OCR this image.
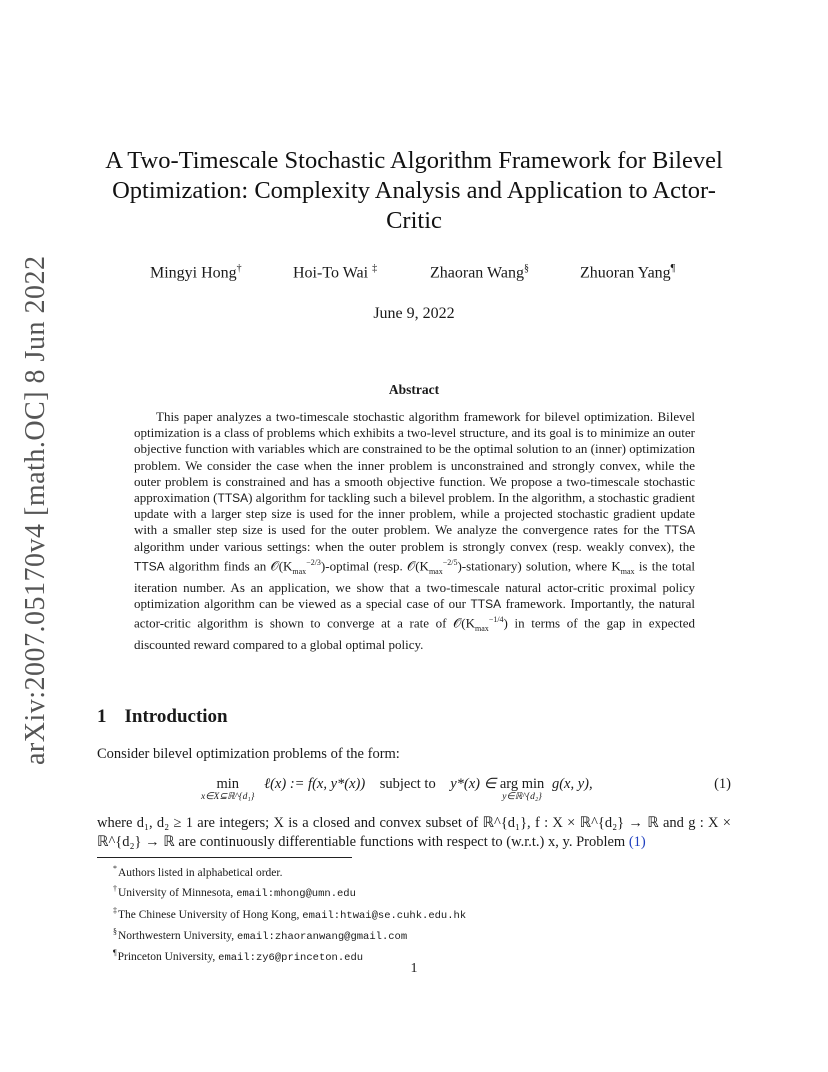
arXiv:2007.05170v4 [math.OC] 8 Jun 2022
A Two-Timescale Stochastic Algorithm Framework for Bilevel Optimization: Complexity Analysis and Application to Actor-Critic
Mingyi Hong†	Hoi-To Wai ‡	Zhaoran Wang§	Zhuoran Yang¶
June 9, 2022
Abstract
This paper analyzes a two-timescale stochastic algorithm framework for bilevel optimization. Bilevel optimization is a class of problems which exhibits a two-level structure, and its goal is to minimize an outer objective function with variables which are constrained to be the optimal solution to an (inner) optimization problem. We consider the case when the inner problem is unconstrained and strongly convex, while the outer problem is constrained and has a smooth objective function. We propose a two-timescale stochastic approximation (TTSA) algorithm for tackling such a bilevel problem. In the algorithm, a stochastic gradient update with a larger step size is used for the inner problem, while a projected stochastic gradient update with a smaller step size is used for the outer problem. We analyze the convergence rates for the TTSA algorithm under various settings: when the outer problem is strongly convex (resp. weakly convex), the TTSA algorithm finds an $𝒪(K_{max}^{-2/3})$-optimal (resp. $𝒪(K_{max}^{-2/5})-stationary$) solution, where $K_{max}$ is the total iteration number. As an application, we show that a two-timescale natural actor-critic proximal policy optimization algorithm can be viewed as a special case of our TTSA framework. Importantly, the natural actor-critic algorithm is shown to converge at a rate of $𝒪(K_{max}^{-1/4})$ in terms of the gap in expected discounted reward compared to a global optimal policy.
1 Introduction
Consider bilevel optimization problems of the form:
min
x∈X⊆ℝ^{d₁}
ℓ(x) := f(x, y*(x)) subject to y*(x) ∈ arg min
y∈ℝ^{d₂}
g(x, y),	(1)
where d₁, d₂ ≥ 1 are integers; X is a closed and convex subset of ℝ^{d₁}, f : X × ℝ^{d₂} → ℝ and g : X × ℝ^{d₂} → ℝ are continuously differentiable functions with respect to (w.r.t.) x, y. Problem (1)
*Authors listed in alphabetical order.
†University of Minnesota, email:mhong@umn.edu
‡The Chinese University of Hong Kong, email:htwai@se.cuhk.edu.hk
§Northwestern University, email:zhaoranwang@gmail.com
¶Princeton University, email:zy6@princeton.edu
1
